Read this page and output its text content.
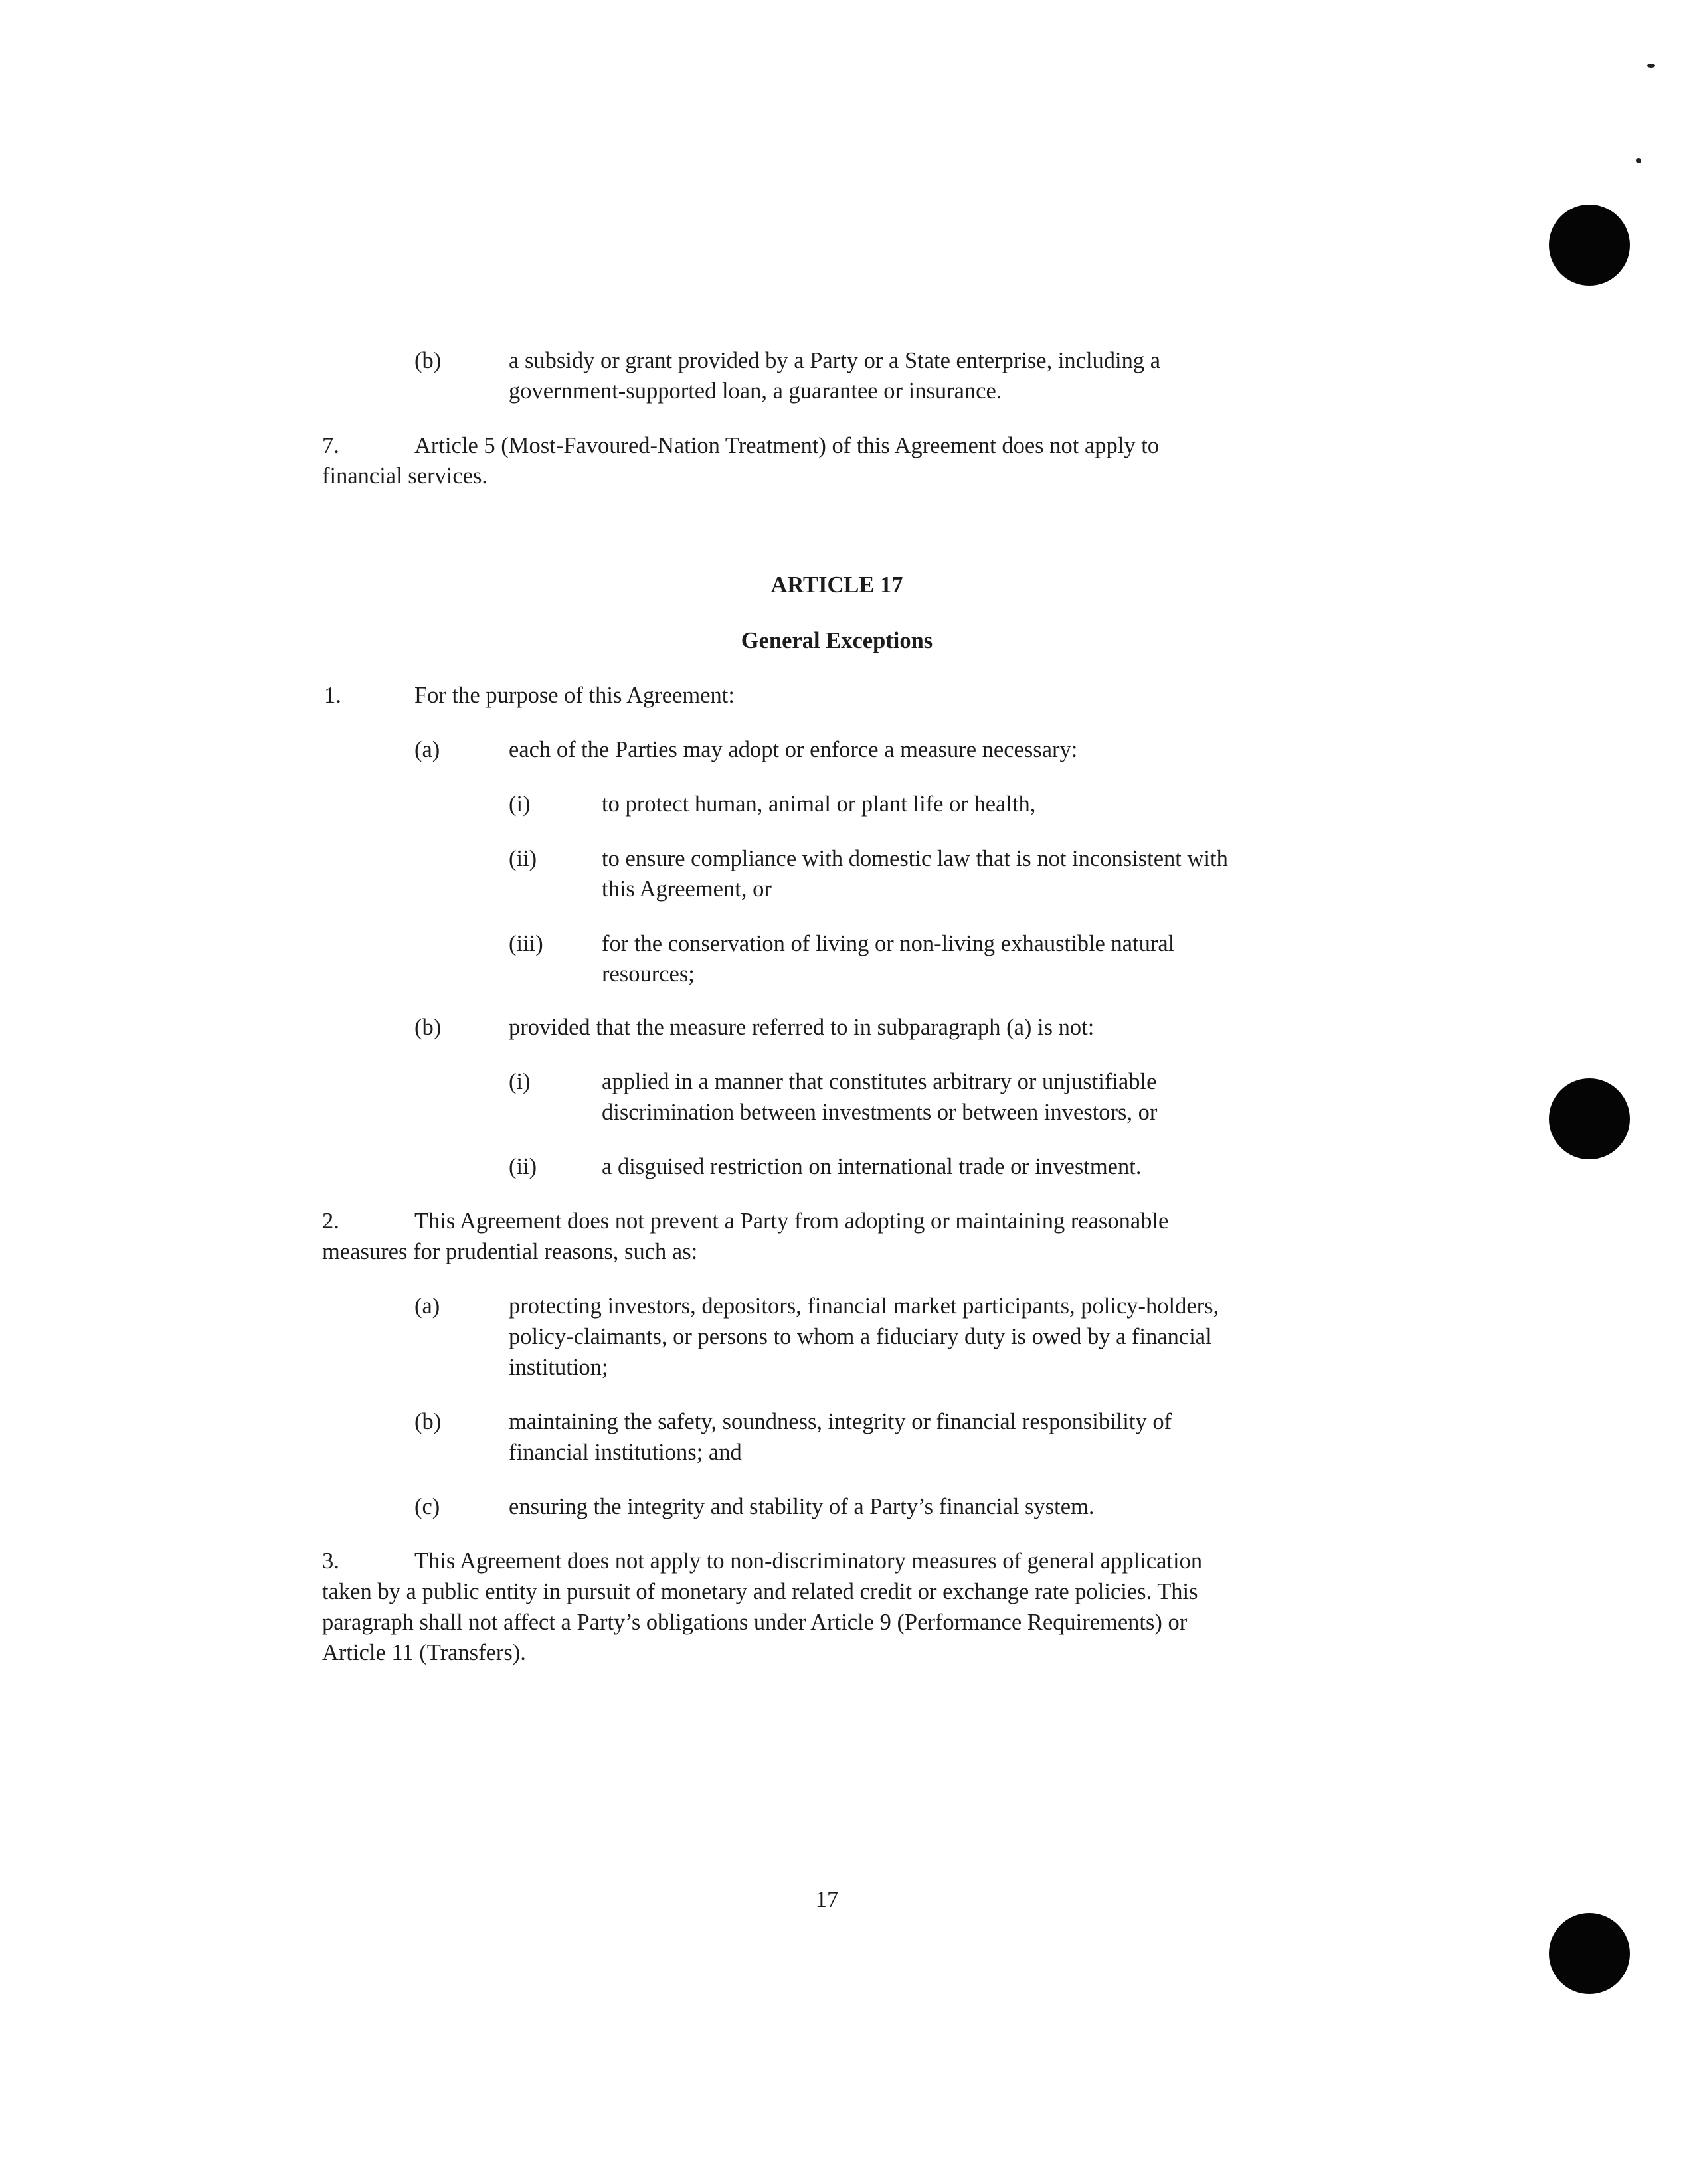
(b)	a subsidy or grant provided by a Party or a State enterprise, including a

government-supported loan, a guarantee or insurance.

7.	Article 5 (Most-Favoured-Nation Treatment) of this Agreement does not apply to

financial services.

ARTICLE 17

General Exceptions

1.	For the purpose of this Agreement:

(a)	each of the Parties may adopt or enforce a measure necessary:

(i)	to protect human, animal or plant life or health,

(ii)	to ensure compliance with domestic law that is not inconsistent with

this Agreement, or

(iii)	for the conservation of living or non-living exhaustible natural

resources;

(b)	provided that the measure referred to in subparagraph (a) is not:

(i)	applied in a manner that constitutes arbitrary or unjustifiable

discrimination between investments or between investors, or

(ii)	a disguised restriction on international trade or investment.

2.	This Agreement does not prevent a Party from adopting or maintaining reasonable

measures for prudential reasons, such as:

(a)	protecting investors, depositors, financial market participants, policy-holders,

policy-claimants, or persons to whom a fiduciary duty is owed by a financial

institution;

(b)	maintaining the safety, soundness, integrity or financial responsibility of

financial institutions; and

(c)	ensuring the integrity and stability of a Party’s financial system.

3.	This Agreement does not apply to non-discriminatory measures of general application

taken by a public entity in pursuit of monetary and related credit or exchange rate policies. This

paragraph shall not affect a Party’s obligations under Article 9 (Performance Requirements) or

Article 11 (Transfers).

17
